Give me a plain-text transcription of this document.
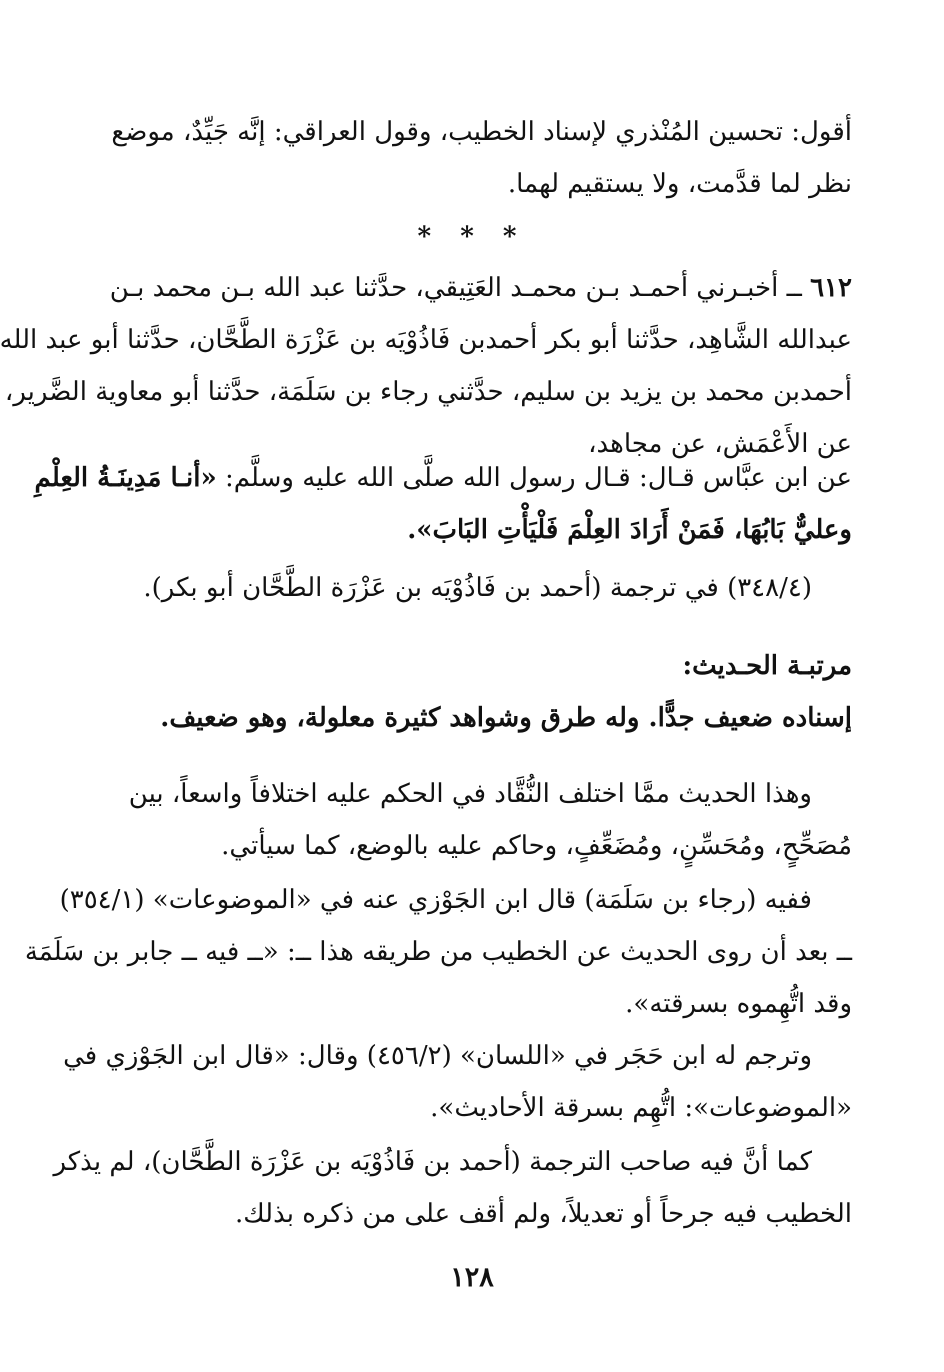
أقول: تحسين المُنْذري لإسناد الخطيب، وقول العراقي: إنَّه جَيِّدٌ، موضع
نظر لما قدَّمت، ولا يستقيم لهما.
* * *
٦١٢ ــ أخبـرني أحمـد بـن محمـد العَتِيقي، حدَّثنا عبد الله بـن محمد بـن
عبدالله الشَّاهِد، حدَّثنا أبو بكر أحمدبن فَاذُوْيَه بن عَزْرَة الطَّحَّان، حدَّثنا أبو عبد الله
أحمدبن محمد بن يزيد بن سليم، حدَّثني رجاء بن سَلَمَة، حدَّثنا أبو معاوية الضَّرير،
عن الأَعْمَش، عن مجاهد،
عن ابن عبَّاس قـال: قـال رسول الله صلَّى الله عليه وسلَّم: «أنـا مَدِينَـةُ العِلْمِ
وعليٌّ بَابُهَا، فَمَنْ أَرَادَ العِلْمَ فَلْيَأْتِ البَابَ».
(٣٤٨/٤) في ترجمة (أحمد بن فَاذُوْيَه بن عَزْرَة الطَّحَّان أبو بكر).
مرتبـة الحـديث:
إسناده ضعيف جدًّا. وله طرق وشواهد كثيرة معلولة، وهو ضعيف.
وهذا الحديث ممَّا اختلف النُّقَّاد في الحكم عليه اختلافاً واسعاً، بين
مُصَحِّحٍ، ومُحَسِّنٍ، ومُضَعِّفٍ، وحاكم عليه بالوضع، كما سيأتي.
ففيه (رجاء بن سَلَمَة) قال ابن الجَوْزي عنه في «الموضوعات» (٣٥٤/١)
ــ بعد أن روى الحديث عن الخطيب من طريقه هذا ــ: «ــ فيه ــ جابر بن سَلَمَة
وقد اتُّهِموه بسرقته».
وترجم له ابن حَجَر في «اللسان» (٤٥٦/٢) وقال: «قال ابن الجَوْزي في
«الموضوعات»: اتُّهِم بسرقة الأحاديث».
كما أنَّ فيه صاحب الترجمة (أحمد بن فَاذُوْيَه بن عَزْرَة الطَّحَّان)، لم يذكر
الخطيب فيه جرحاً أو تعديلاً، ولم أقف على من ذكره بذلك.
١٢٨
